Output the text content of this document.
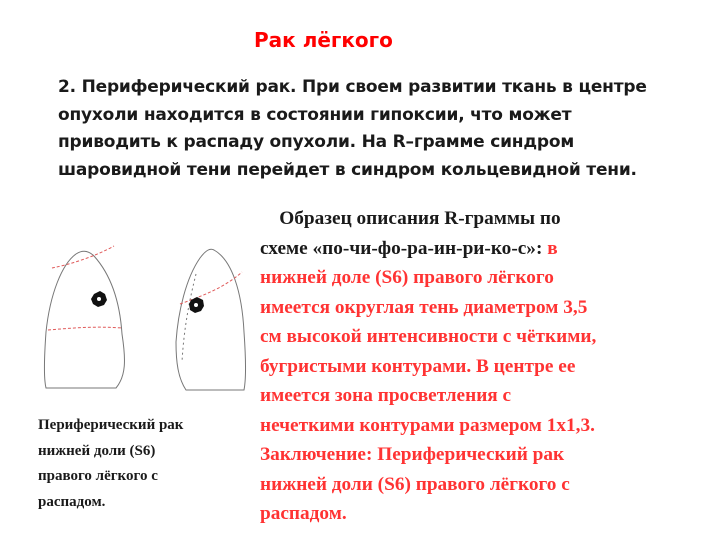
Рак лёгкого
2. Периферический рак. При своем развитии ткань в центре
опухоли находится в состоянии гипоксии, что может
приводить к распаду опухоли. На R–грамме синдром
шаровидной тени перейдет в синдром кольцевидной тени.
Периферический рак
нижней доли (S6)
правого лёгкого с
распадом.
Образец описания R-граммы по
схеме «по-чи-фо-ра-ин-ри-ко-с»: в
нижней доле (S6) правого лёгкого
имеется округлая тень диаметром 3,5
см высокой интенсивности с чёткими,
бугристыми контурами. В центре ее
имеется зона просветления с
нечеткими контурами размером 1х1,3.
Заключение: Периферический рак
нижней доли (S6) правого лёгкого с
распадом.
